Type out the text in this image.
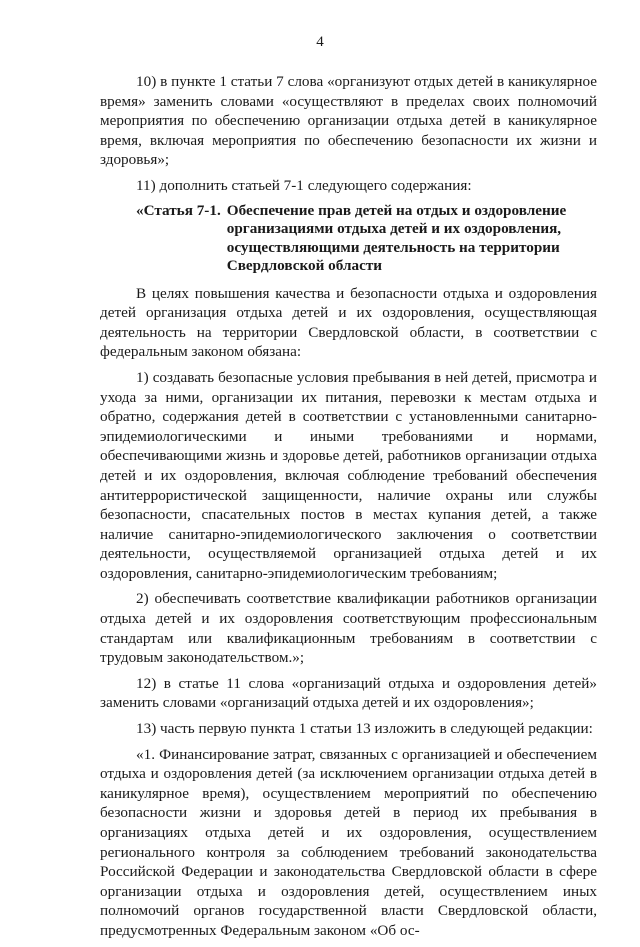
4

10) в пункте 1 статьи 7 слова «организуют отдых детей в каникулярное время» заменить словами «осуществляют в пределах своих полномочий мероприятия по обеспечению организации отдыха детей в каникулярное время, включая мероприятия по обеспечению безопасности их жизни и здоровья»;

11) дополнить статьей 7-1 следующего содержания:

«Статья 7-1. Обеспечение прав детей на отдых и оздоровление организациями отдыха детей и их оздоровления, осуществляющими деятельность на территории Свердловской области

В целях повышения качества и безопасности отдыха и оздоровления детей организация отдыха детей и их оздоровления, осуществляющая деятельность на территории Свердловской области, в соответствии с федеральным законом обязана:

1) создавать безопасные условия пребывания в ней детей, присмотра и ухода за ними, организации их питания, перевозки к местам отдыха и обратно, содержания детей в соответствии с установленными санитарно-эпидемиологическими и иными требованиями и нормами, обеспечивающими жизнь и здоровье детей, работников организации отдыха детей и их оздоровления, включая соблюдение требований обеспечения антитеррористической защищенности, наличие охраны или службы безопасности, спасательных постов в местах купания детей, а также наличие санитарно-эпидемиологического заключения о соответствии деятельности, осуществляемой организацией отдыха детей и их оздоровления, санитарно-эпидемиологическим требованиям;

2) обеспечивать соответствие квалификации работников организации отдыха детей и их оздоровления соответствующим профессиональным стандартам или квалификационным требованиям в соответствии с трудовым законодательством.»;

12) в статье 11 слова «организаций отдыха и оздоровления детей» заменить словами «организаций отдыха детей и их оздоровления»;

13) часть первую пункта 1 статьи 13 изложить в следующей редакции:

«1. Финансирование затрат, связанных с организацией и обеспечением отдыха и оздоровления детей (за исключением организации отдыха детей в каникулярное время), осуществлением мероприятий по обеспечению безопасности жизни и здоровья детей в период их пребывания в организациях отдыха детей и их оздоровления, осуществлением регионального контроля за соблюдением требований законодательства Российской Федерации и законодательства Свердловской области в сфере организации отдыха и оздоровления детей, осуществлением иных полномочий органов государственной власти Свердловской области, предусмотренных Федеральным законом «Об ос-
